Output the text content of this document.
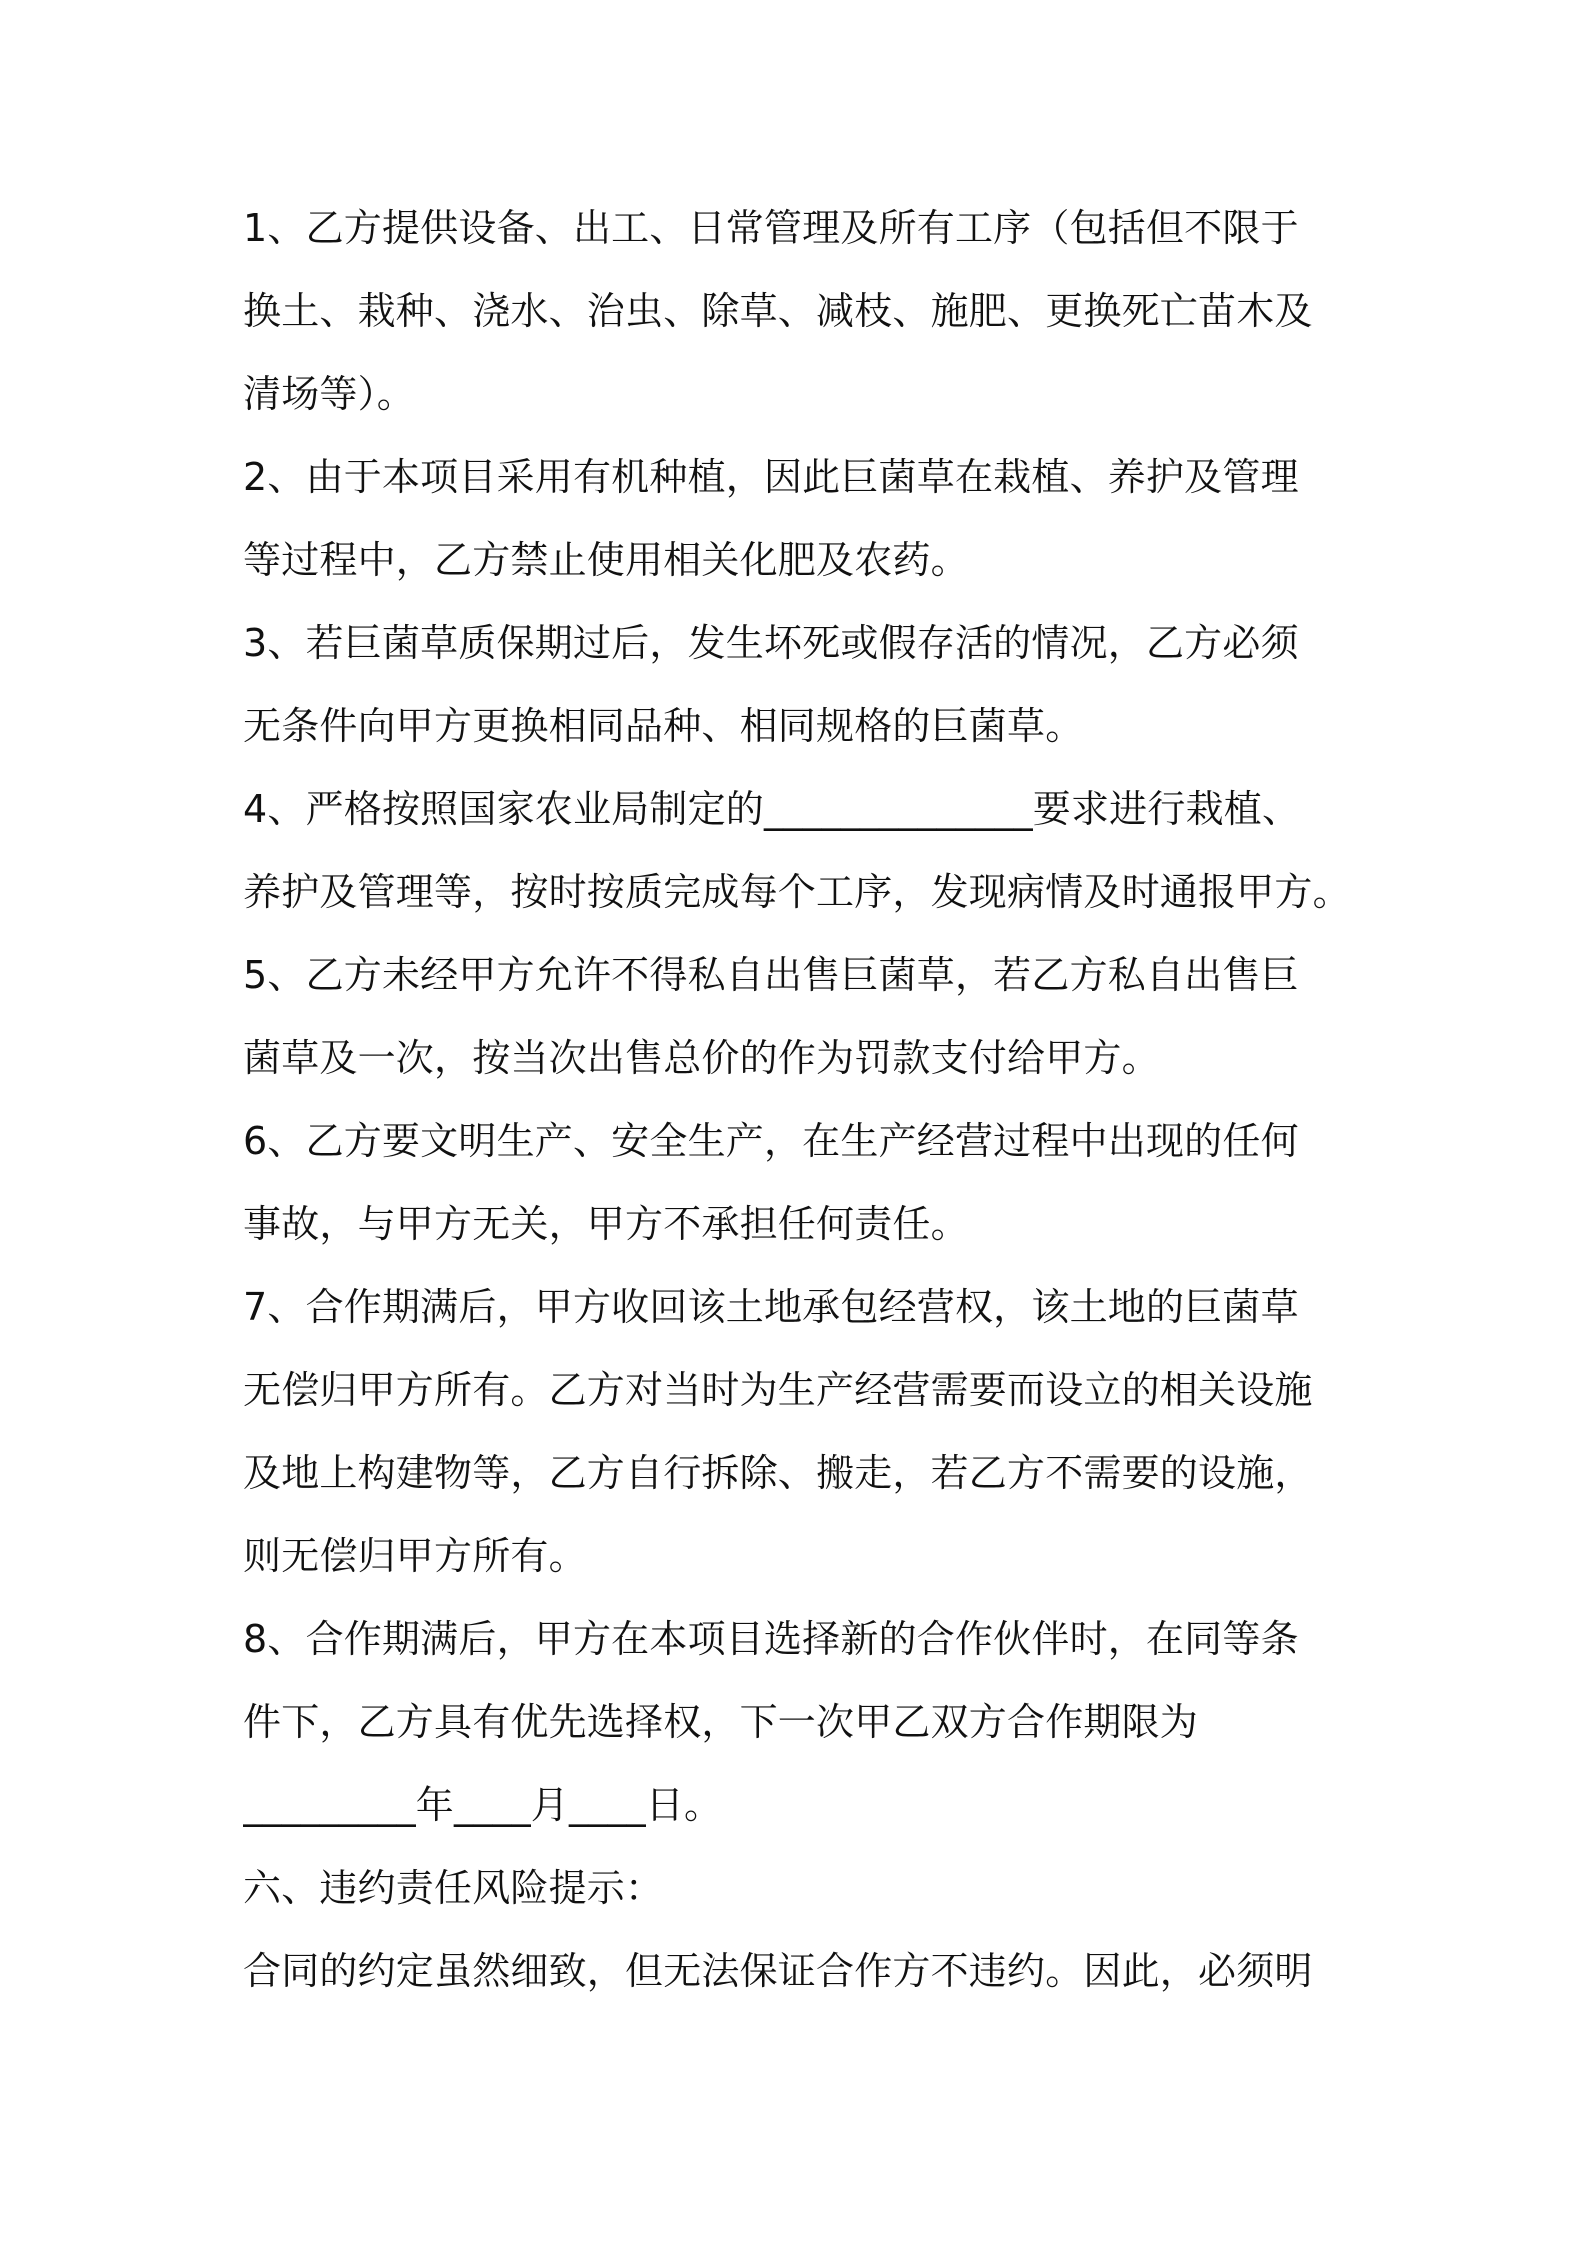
1、乙方提供设备、出工、日常管理及所有工序（包括但不限于
换土、栽种、浇水、治虫、除草、减枝、施肥、更换死亡苗木及
清场等）。
2、由于本项目采用有机种植，因此巨菌草在栽植、养护及管理
等过程中，乙方禁止使用相关化肥及农药。
3、若巨菌草质保期过后，发生坏死或假存活的情况，乙方必须
无条件向甲方更换相同品种、相同规格的巨菌草。
4、严格按照国家农业局制定的______________要求进行栽植、
养护及管理等，按时按质完成每个工序，发现病情及时通报甲方。
5、乙方未经甲方允许不得私自出售巨菌草，若乙方私自出售巨
菌草及一次，按当次出售总价的作为罚款支付给甲方。
6、乙方要文明生产、安全生产，在生产经营过程中出现的任何
事故，与甲方无关，甲方不承担任何责任。
7、合作期满后，甲方收回该土地承包经营权，该土地的巨菌草
无偿归甲方所有。乙方对当时为生产经营需要而设立的相关设施
及地上构建物等，乙方自行拆除、搬走，若乙方不需要的设施，
则无偿归甲方所有。
8、合作期满后，甲方在本项目选择新的合作伙伴时，在同等条
件下，乙方具有优先选择权，下一次甲乙双方合作期限为
_________年____月____日。
六、违约责任风险提示：
合同的约定虽然细致，但无法保证合作方不违约。因此，必须明
